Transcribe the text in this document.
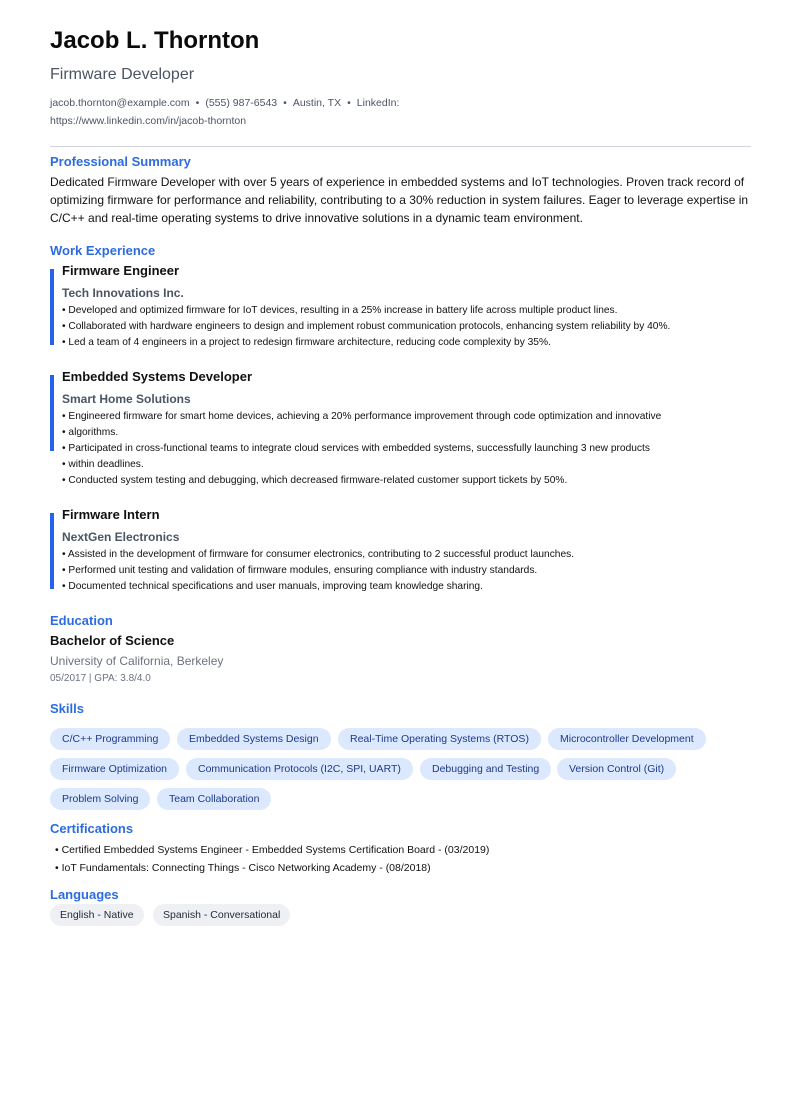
Jacob L. Thornton
Firmware Developer
jacob.thornton@example.com • (555) 987-6543 • Austin, TX • LinkedIn:
https://www.linkedin.com/in/jacob-thornton
Professional Summary
Dedicated Firmware Developer with over 5 years of experience in embedded systems and IoT technologies. Proven track record of optimizing firmware for performance and reliability, contributing to a 30% reduction in system failures. Eager to leverage expertise in C/C++ and real-time operating systems to drive innovative solutions in a dynamic team environment.
Work Experience
Firmware Engineer
Tech Innovations Inc.
• Developed and optimized firmware for IoT devices, resulting in a 25% increase in battery life across multiple product lines.
• Collaborated with hardware engineers to design and implement robust communication protocols, enhancing system reliability by 40%.
• Led a team of 4 engineers in a project to redesign firmware architecture, reducing code complexity by 35%.
Embedded Systems Developer
Smart Home Solutions
• Engineered firmware for smart home devices, achieving a 20% performance improvement through code optimization and innovative
• algorithms.
• Participated in cross-functional teams to integrate cloud services with embedded systems, successfully launching 3 new products
• within deadlines.
• Conducted system testing and debugging, which decreased firmware-related customer support tickets by 50%.
Firmware Intern
NextGen Electronics
• Assisted in the development of firmware for consumer electronics, contributing to 2 successful product launches.
• Performed unit testing and validation of firmware modules, ensuring compliance with industry standards.
• Documented technical specifications and user manuals, improving team knowledge sharing.
Education
Bachelor of Science
University of California, Berkeley
05/2017 | GPA: 3.8/4.0
Skills
C/C++ Programming	Embedded Systems Design	Real-Time Operating Systems (RTOS)	Microcontroller Development
Firmware Optimization	Communication Protocols (I2C, SPI, UART)	Debugging and Testing	Version Control (Git)
Problem Solving	Team Collaboration
Certifications
• Certified Embedded Systems Engineer - Embedded Systems Certification Board - (03/2019)
• IoT Fundamentals: Connecting Things - Cisco Networking Academy - (08/2018)
Languages
English - Native	Spanish - Conversational
